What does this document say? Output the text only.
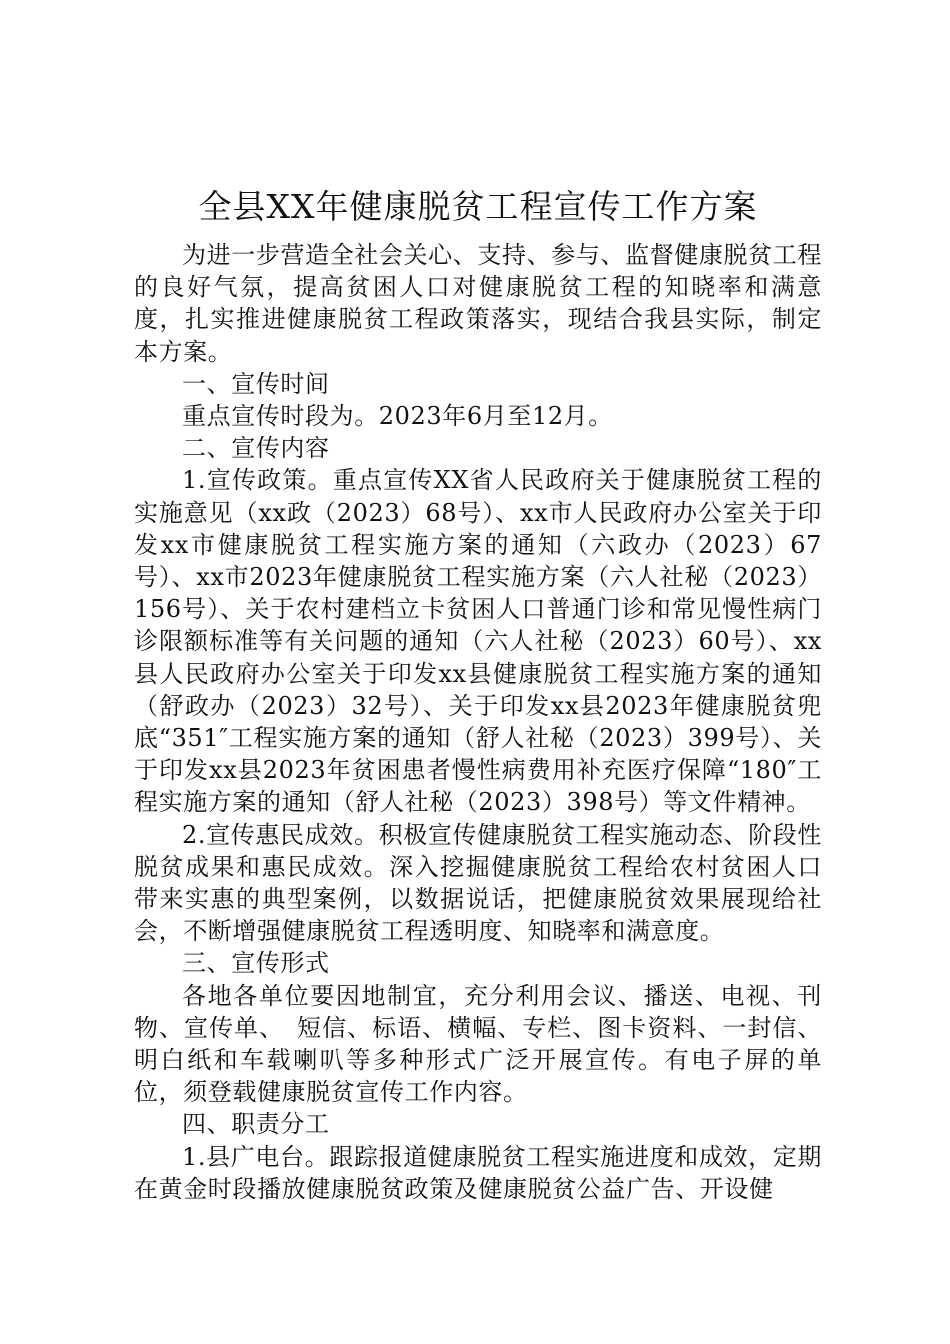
全县XX年健康脱贫工程宣传工作方案

为进一步营造全社会关心、支持、参与、监督健康脱贫工程的良好气氛，提高贫困人口对健康脱贫工程的知晓率和满意度，扎实推进健康脱贫工程政策落实，现结合我县实际，制定本方案。

一、宣传时间

重点宣传时段为。2023年6月至12月。

二、宣传内容

1.宣传政策。重点宣传XX省人民政府关于健康脱贫工程的实施意见（xx政（2023）68号）、xx市人民政府办公室关于印发xx市健康脱贫工程实施方案的通知（六政办（2023）67号）、xx市2023年健康脱贫工程实施方案（六人社秘（2023）156号）、关于农村建档立卡贫困人口普通门诊和常见慢性病门诊限额标准等有关问题的通知（六人社秘（2023）60号）、xx县人民政府办公室关于印发xx县健康脱贫工程实施方案的通知（舒政办（2023）32号）、关于印发xx县2023年健康脱贫兜底“351″工程实施方案的通知（舒人社秘（2023）399号）、关于印发xx县2023年贫困患者慢性病费用补充医疗保障“180″工程实施方案的通知（舒人社秘（2023）398号）等文件精神。

2.宣传惠民成效。积极宣传健康脱贫工程实施动态、阶段性脱贫成果和惠民成效。深入挖掘健康脱贫工程给农村贫困人口带来实惠的典型案例，以数据说话，把健康脱贫效果展现给社会，不断增强健康脱贫工程透明度、知晓率和满意度。

三、宣传形式

各地各单位要因地制宜，充分利用会议、播送、电视、刊物、宣传单、　短信、标语、横幅、专栏、图卡资料、一封信、明白纸和车载喇叭等多种形式广泛开展宣传。有电子屏的单位，须登载健康脱贫宣传工作内容。

四、职责分工

1.县广电台。跟踪报道健康脱贫工程实施进度和成效，定期在黄金时段播放健康脱贫政策及健康脱贫公益广告、开设健
